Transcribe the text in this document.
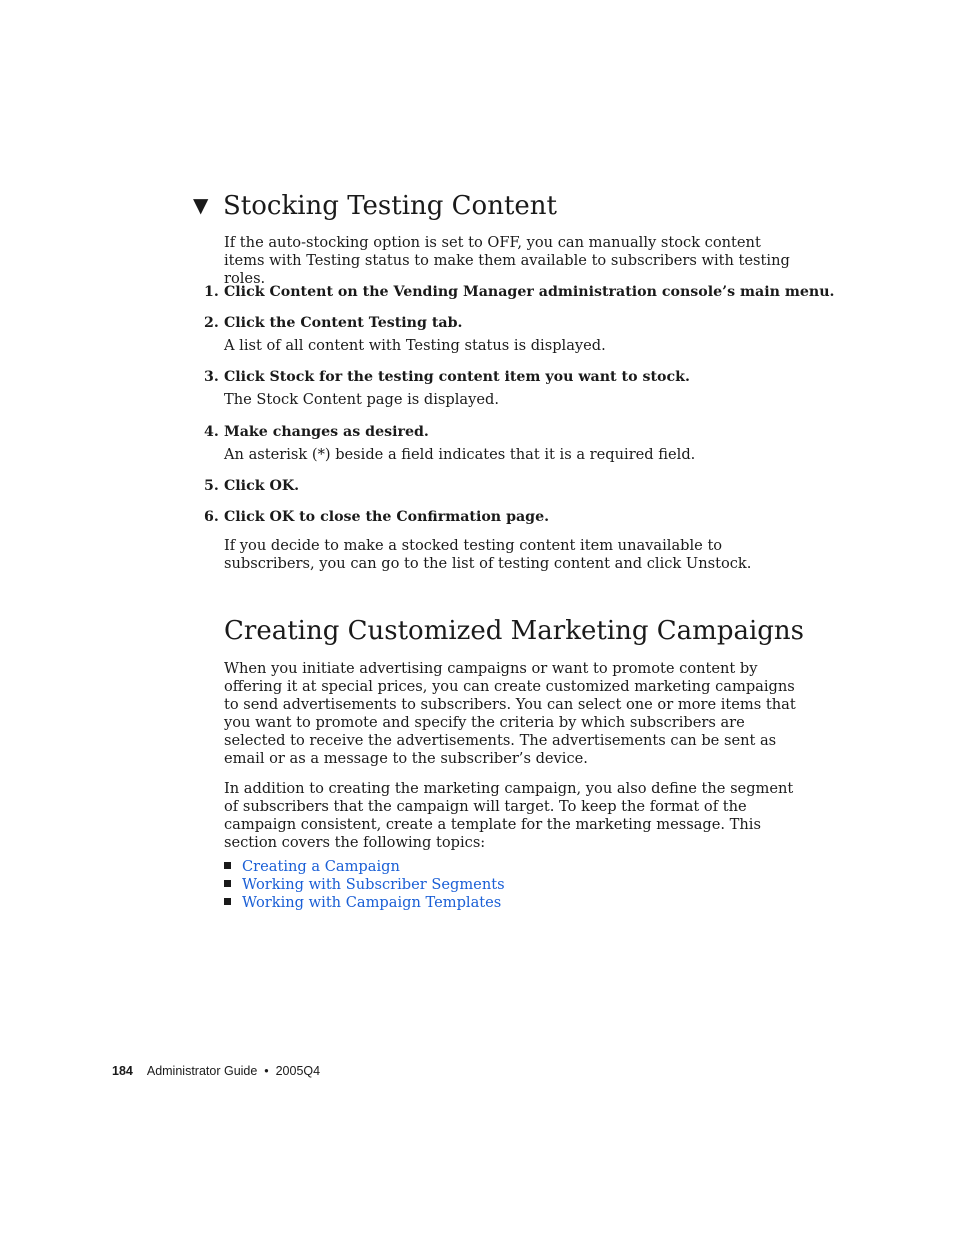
▼ Stocking Testing Content

If the auto-stocking option is set to OFF, you can manually stock content items with Testing status to make them available to subscribers with testing roles.

1. Click Content on the Vending Manager administration console’s main menu.
2. Click the Content Testing tab.

A list of all content with Testing status is displayed.

3. Click Stock for the testing content item you want to stock.

The Stock Content page is displayed.

4. Make changes as desired.

An asterisk (*) beside a field indicates that it is a required field.

5. Click OK.
6. Click OK to close the Confirmation page.

If you decide to make a stocked testing content item unavailable to subscribers, you can go to the list of testing content and click Unstock.

Creating Customized Marketing Campaigns

When you initiate advertising campaigns or want to promote content by offering it at special prices, you can create customized marketing campaigns to send advertisements to subscribers. You can select one or more items that you want to promote and specify the criteria by which subscribers are selected to receive the advertisements. The advertisements can be sent as email or as a message to the subscriber’s device.

In addition to creating the marketing campaign, you also define the segment of subscribers that the campaign will target. To keep the format of the campaign consistent, create a template for the marketing message. This section covers the following topics:

Creating a Campaign
Working with Subscriber Segments
Working with Campaign Templates
184 Administrator Guide  •  2005Q4
